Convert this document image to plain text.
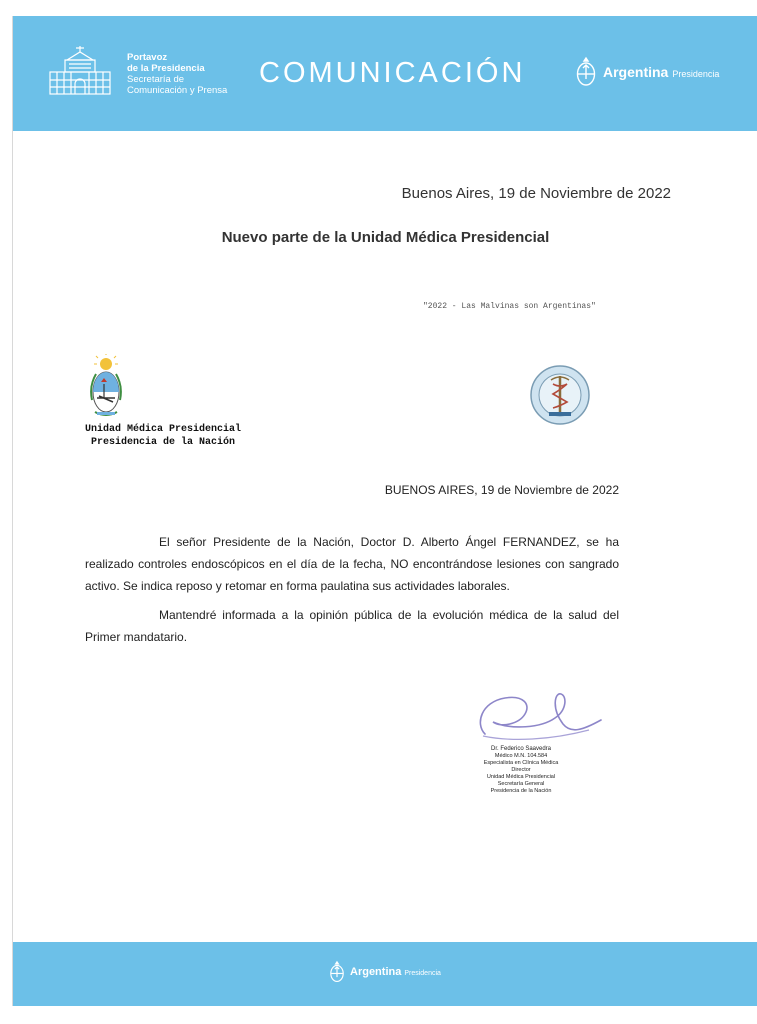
Portavoz
de la Presidencia
Secretaría de
Comunicación y Prensa
COMUNICACIÓN	Argentina Presidencia
Buenos Aires, 19 de Noviembre de 2022
Nuevo parte de la Unidad Médica Presidencial
"2022 - Las Malvinas son Argentinas"
Unidad Médica Presidencial
Presidencia de la Nación
BUENOS AIRES, 19 de Noviembre de 2022

El señor Presidente de la Nación, Doctor D. Alberto Ángel FERNANDEZ, se ha realizado controles endoscópicos en el día de la fecha, NO encontrándose lesiones con sangrado activo. Se indica reposo y retomar en forma paulatina sus actividades laborales.

Mantendré informada a la opinión pública de la evolución médica de la salud del Primer mandatario.

Dr. Federico Saavedra
Médico M.N. 104.584
Especialista en Clínica Médica
Director
Unidad Médica Presidencial
Secretaría General
Presidencia de la Nación
Argentina Presidencia
